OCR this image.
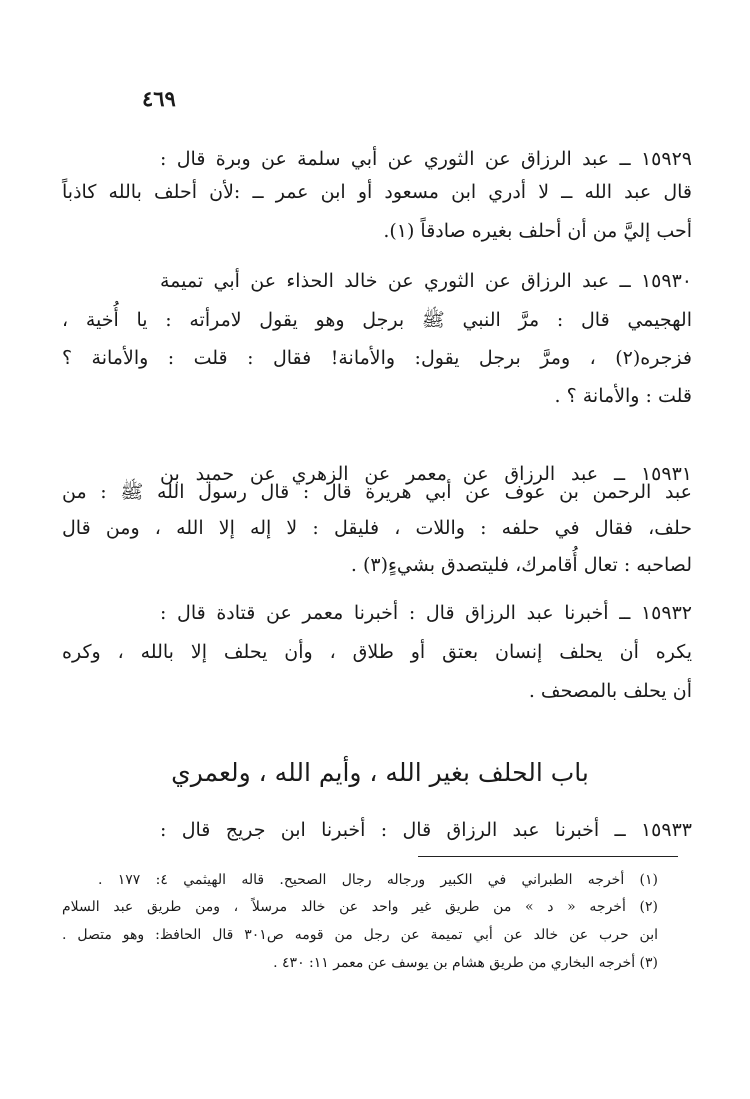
٤٦٩
١٥٩٢٩ ــ عبد الرزاق عن الثوري عن أبي سلمة عن وبرة قال :
قال عبد الله ــ لا أدري ابن مسعود أو ابن عمر ــ :لأن أحلف بالله كاذباً
أحب إليَّ من أن أحلف بغيره صادقاً (١).
١٥٩٣٠ ــ عبد الرزاق عن الثوري عن خالد الحذاء عن أبي تميمة
الهجيمي قال : مرَّ النبي ﷺ برجل وهو يقول لامرأته : يا أُخية ،
فزجره(٢) ، ومرَّ برجل يقول: والأمانة! فقال : قلت : والأمانة ؟
قلت : والأمانة ؟ .
١٥٩٣١ ــ عبد الرزاق عن معمر عن الزهري عن حميد بن
عبد الرحمن بن عوف عن أبي هريرة قال : قال رسول الله ﷺ : من
حلف، فقال في حلفه : واللات ، فليقل : لا إله إلا الله ، ومن قال
لصاحبه : تعال أُقامرك، فليتصدق بشيءٍ(٣) .
١٥٩٣٢ ــ أخبرنا عبد الرزاق قال : أخبرنا معمر عن قتادة قال :
يكره أن يحلف إنسان بعتق أو طلاق ، وأن يحلف إلا بالله ، وكره
أن يحلف بالمصحف .
باب الحلف بغير الله ، وأيم الله ، ولعمري
١٥٩٣٣ ــ أخبرنا عبد الرزاق قال : أخبرنا ابن جريج قال :
(١) أخرجه الطبراني في الكبير ورجاله رجال الصحيح. قاله الهيثمي ٤: ١٧٧ .
(٢) أخرجه « د » من طريق غير واحد عن خالد مرسلاً ، ومن طريق عبد السلام
ابن حرب عن خالد عن أبي تميمة عن رجل من قومه ص٣٠١ قال الحافظ: وهو متصل .
(٣) أخرجه البخاري من طريق هشام بن يوسف عن معمر ١١: ٤٣٠ .
